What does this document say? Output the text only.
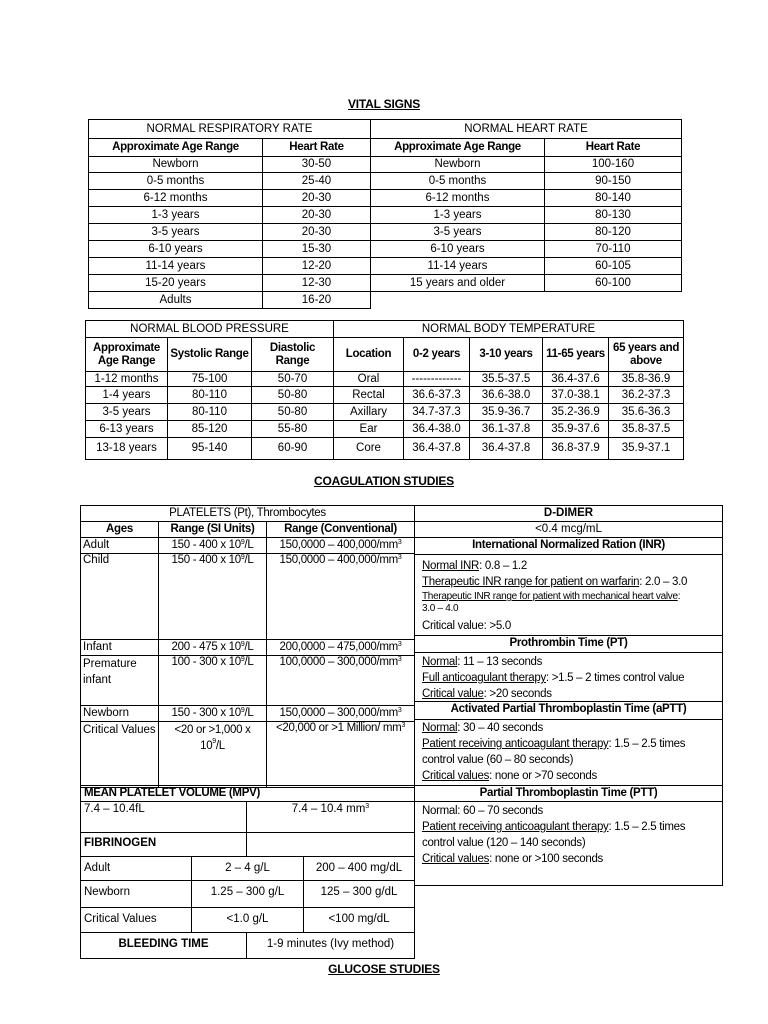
VITAL SIGNS
NORMAL RESPIRATORY RATE	
Approximate Age Range	Heart Rate
Newborn	30-50
0-5 months	25-40
6-12 months	20-30
1-3 years	20-30
3-5 years	20-30
6-10 years	15-30
11-14 years	12-20
15-20 years	12-30
Adults	16-20
NORMAL HEART RATE	
Approximate Age Range	Heart Rate
Newborn	100-160
0-5 months	90-150
6-12 months	80-140
1-3 years	80-130
3-5 years	80-120
6-10 years	70-110
11-14 years	60-105
15 years and older	60-100
NORMAL BLOOD PRESSURE		
Approximate Age Range	Systolic Range	Diastolic Range
1-12 months	75-100	50-70
1-4 years	80-110	50-80
3-5 years	80-110	50-80
6-13 years	85-120	55-80
13-18 years	95-140	60-90
NORMAL BODY TEMPERATURE				
Location	0-2 years	3-10 years	11-65 years	65 years and above
Oral	-------------	35.5-37.5	36.4-37.6	35.8-36.9
Rectal	36.6-37.3	36.6-38.0	37.0-38.1	36.2-37.3
Axillary	34.7-37.3	35.9-36.7	35.2-36.9	35.6-36.3
Ear	36.4-38.0	36.1-37.8	35.9-37.6	35.8-37.5
Core	36.4-37.8	36.4-37.8	36.8-37.9	35.9-37.1
COAGULATION STUDIES
PLATELETS (Pt), Thrombocytes		
Ages	Range (SI Units)	Range (Conventional)
Adult	150 - 400 x $10^9/L$	$150,0000 - 400,000/mm^3$
Child	150 - 400 x $10^9/L$	$150,0000 - 400,000/mm^3$
Infant	200 - 475 x $10^9/L$	$200,0000 - 475,000/mm^3$
Premature infant	100 - 300 x $10^9/L$	$100,0000 - 300,000/mm^3$
Newborn	150 - 300 x $10^9/L$	$150,0000 - 300,000/mm^3$
Critical Values	<20 or >1,000 x
$10^9/L$	<20,000 or >1 Million/ $mm^3$
MEAN PLATELET VOLUME (MPV)
7.4 – 10.4fL	7.4 – 10.4 $mm^3$
FIBRINOGEN
Adult	2 – 4 g/L	200 – 400 mg/dL
Newborn	1.25 – 300 g/L	125 – 300 g/dL
Critical Values	<1.0 g/L	<100 mg/dL
BLEEDING TIME	1-9 minutes (Ivy method)
D-DIMER
<0.4 mcg/mL
International Normalized Ration (INR)
Normal INR: 0.8 – 1.2
Therapeutic INR range for patient on warfarin: 2.0 – 3.0
Therapeutic INR range for patient with mechanical heart valve:
3.0 – 4.0
Critical value: >5.0
Prothrombin Time (PT)
Normal: 11 – 13 seconds
Full anticoagulant therapy: >1.5 – 2 times control value
Critical value: >20 seconds
Activated Partial Thromboplastin Time (aPTT)
Normal: 30 – 40 seconds
Patient receiving anticoagulant therapy: 1.5 – 2.5 times
control value (60 – 80 seconds)
Critical values: none or >70 seconds
Partial Thromboplastin Time (PTT)
Normal: 60 – 70 seconds
Patient receiving anticoagulant therapy: 1.5 – 2.5 times
control value (120 – 140 seconds)
Critical values: none or >100 seconds
GLUCOSE STUDIES
